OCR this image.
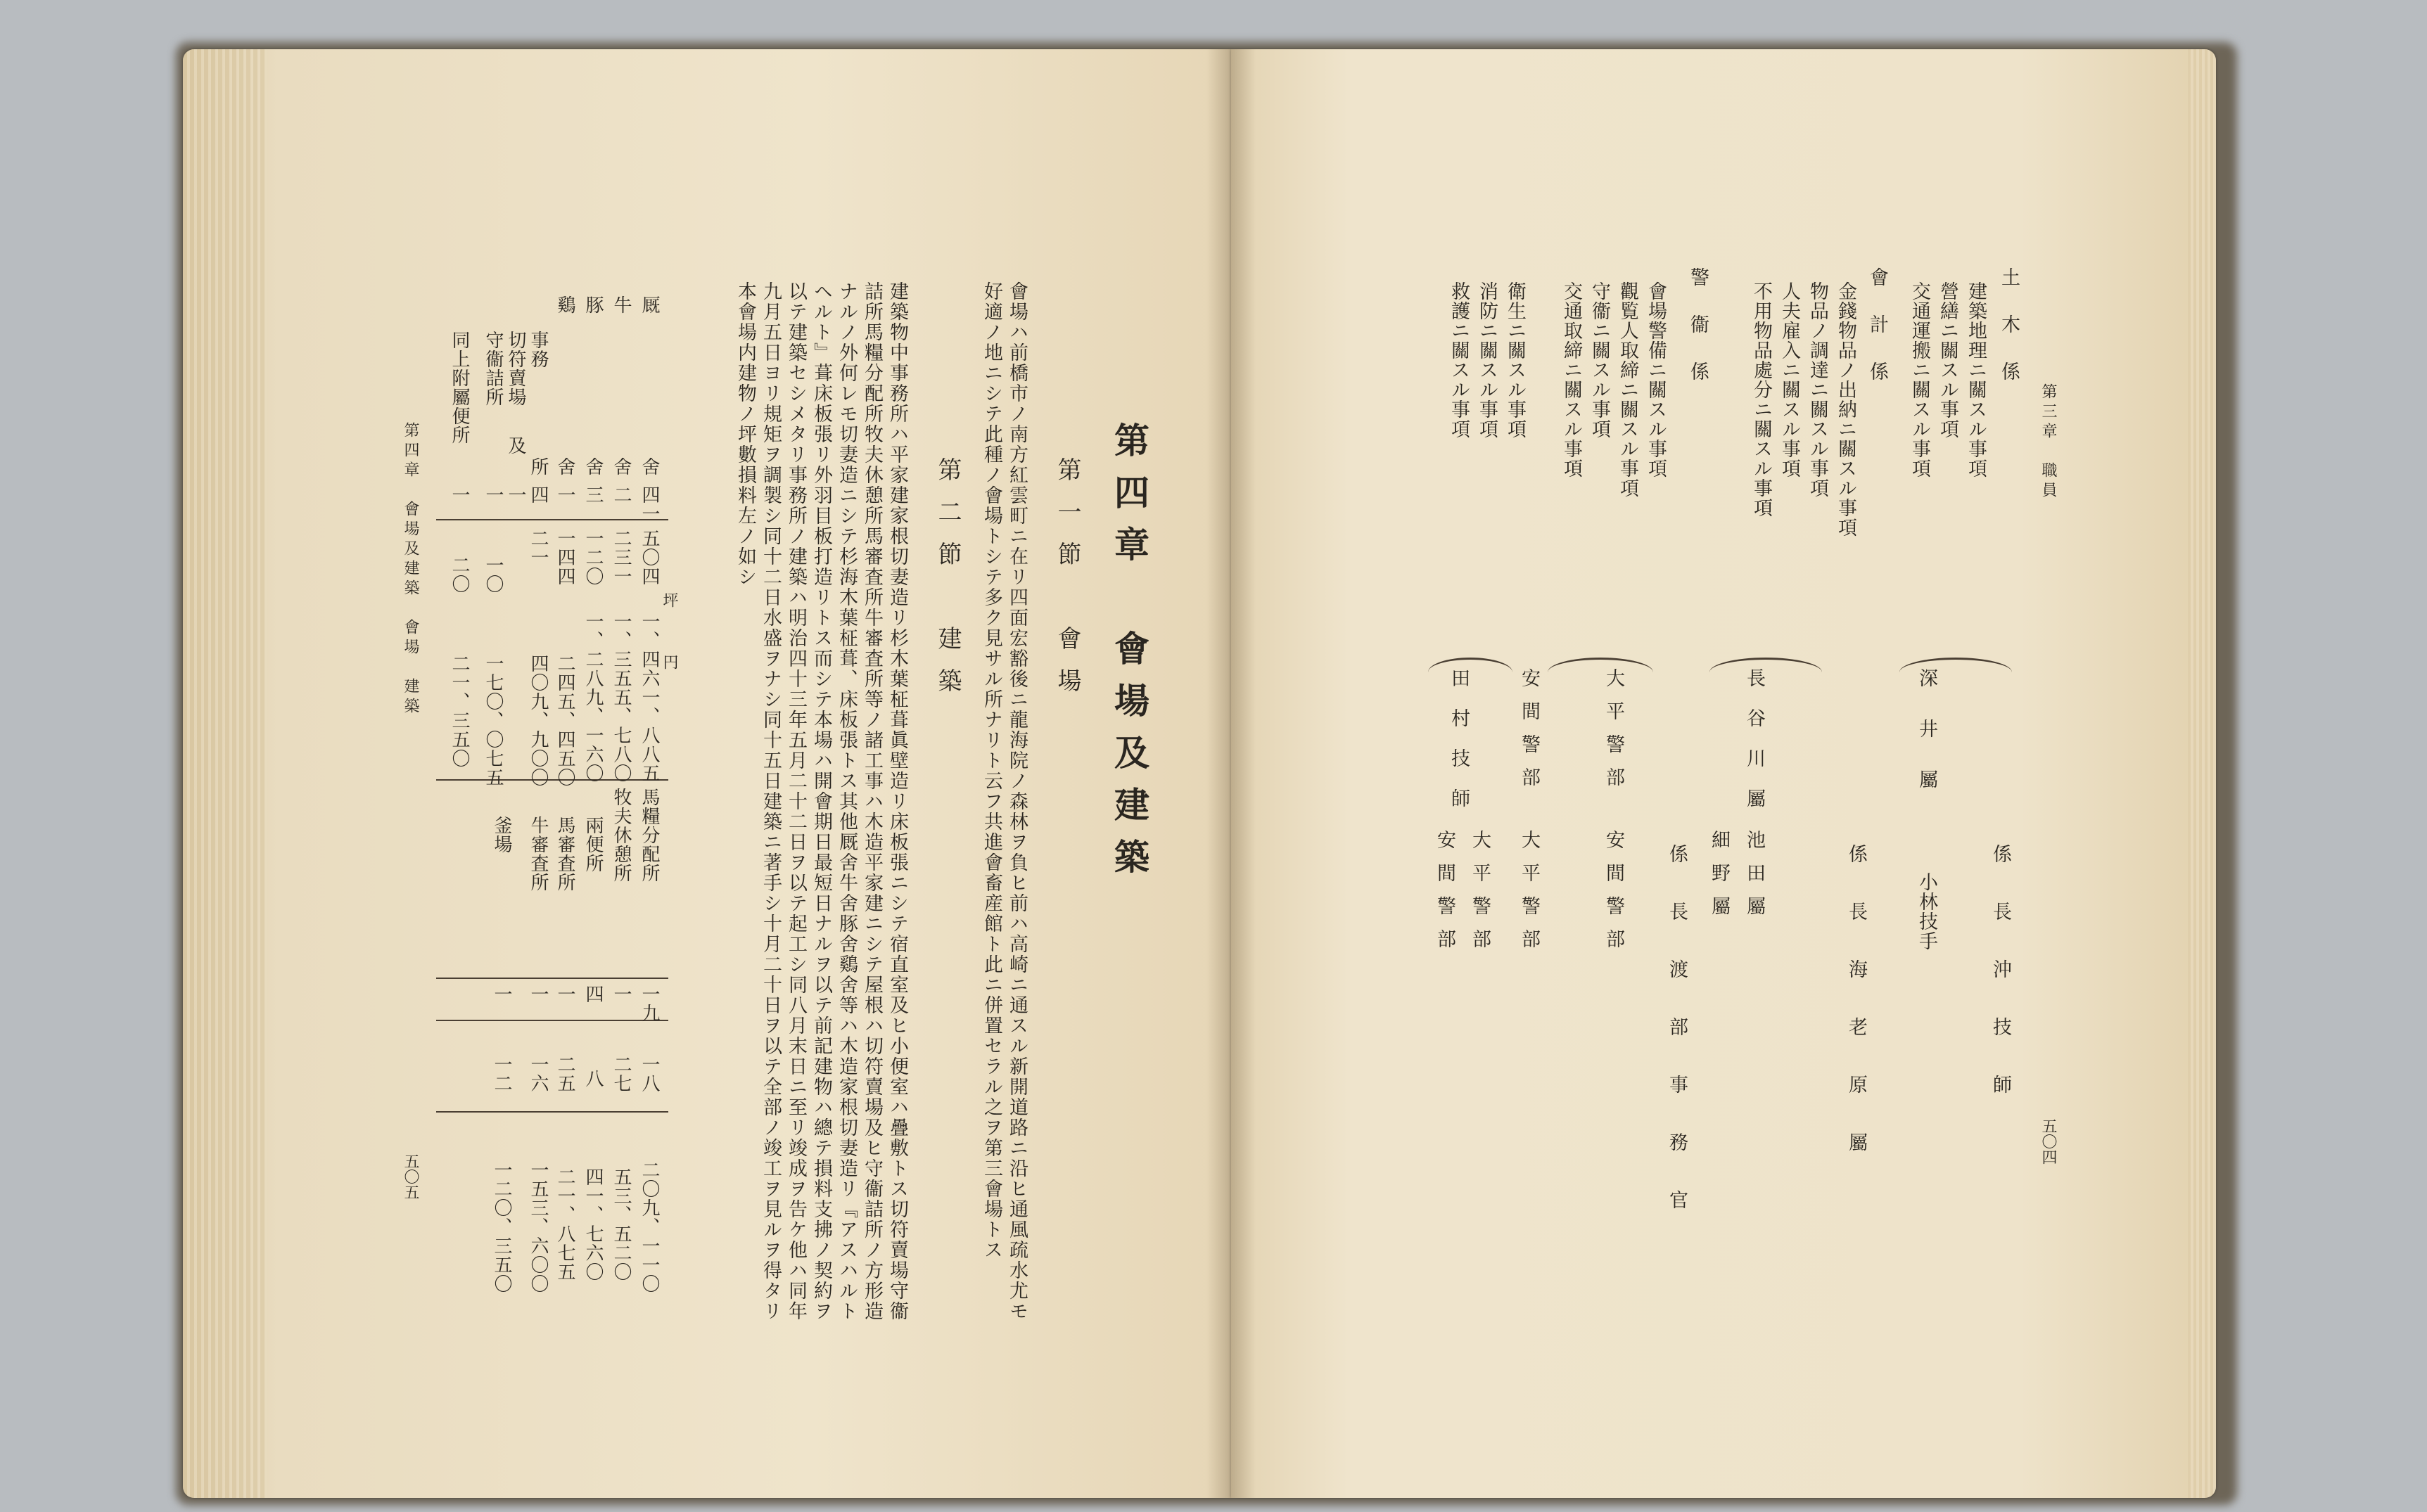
第四章　會場及建築
第一節　會場
會場ハ前橋市ノ南方紅雲町ニ在リ四面宏豁後ニ龍海院ノ森林ヲ負ヒ前ハ高崎ニ通スル新開道路ニ沿ヒ通風疏水尤モ
好適ノ地ニシテ此種ノ會場トシテ多ク見サル所ナリト云フ共進會畜産館ト此ニ併置セラル之ヲ第三會場トス
第二節　建築
建築物中事務所ハ平家建家根切妻造リ杉木葉柾葺眞壁造リ床板張ニシテ宿直室及ヒ小便室ハ疊敷トス切符賣場守衞
詰所馬糧分配所牧夫休憩所馬審査所牛審査所等ノ諸工事ハ木造平家建ニシテ屋根ハ切符賣場及ヒ守衞詰所ノ方形造
ナルノ外何レモ切妻造ニシテ杉海木葉柾葺、床板張トス其他厩舍牛舍豚舍鷄舍等ハ木造家根切妻造リ『アスハルト
ヘルト』葺床板張リ外羽目板打造リトス而シテ本場ハ開會期日最短日ナルヲ以テ前記建物ハ總テ損料支拂ノ契約ヲ
以テ建築セシメタリ事務所ノ建築ハ明治四十三年五月二十二日ヲ以テ起工シ同八月末日ニ至リ竣成ヲ告ケ他ハ同年
九月五日ヨリ規矩ヲ調製シ同十二日水盛ヲナシ同十五日建築ニ著手シ十月二十日ヲ以テ全部ノ竣工ヲ見ルヲ得タリ
本會場内建物ノ坪數損料左ノ如シ
坪
円
厩
舍
牛
舍
豚
舍
鷄
舍
事務
所
切符賣場
及
守衞詰所
同上附屬便所
四一
五〇四
一、四六一、八八五
二
二三一
一、三五五、七八〇
三
一二〇
一、二八九、一六〇
一
一四四
二四五、四五〇
四
二一
四〇九、九〇〇
一
一
一〇
一七〇、〇七五
一
二〇
二一、三五〇
馬糧分配所
一九
一八
二〇九、一一〇
牧夫休憩所
一
二七
五三、五二〇
兩便所
四
八
四一、七六〇
馬審査所
一
二五
二一、八七五
牛審査所
一
一六
一五三、六〇〇
釜場
一
一二
一二〇、三五〇
第四章　會場及建築　會場　建築
五〇五
第三章　職員
五〇四
土木係
建築地理ニ關スル事項
營繕ニ關スル事項
交通運搬ニ關スル事項
會計係
金錢物品ノ出納ニ關スル事項
物品ノ調達ニ關スル事項
人夫雇入ニ關スル事項
不用物品處分ニ關スル事項
警衞係
會場警備ニ關スル事項
觀覧人取締ニ關スル事項
守衞ニ關スル事項
交通取締ニ關スル事項
衛生ニ關スル事項
消防ニ關スル事項
救護ニ關スル事項
係長沖技師
深井屬
小林技手
係長海老原屬
長谷川屬
池田屬
細野屬
係長渡部事務官
大平警部
安間警部
安間警部
大平警部
田村技師
大平警部
安間警部
